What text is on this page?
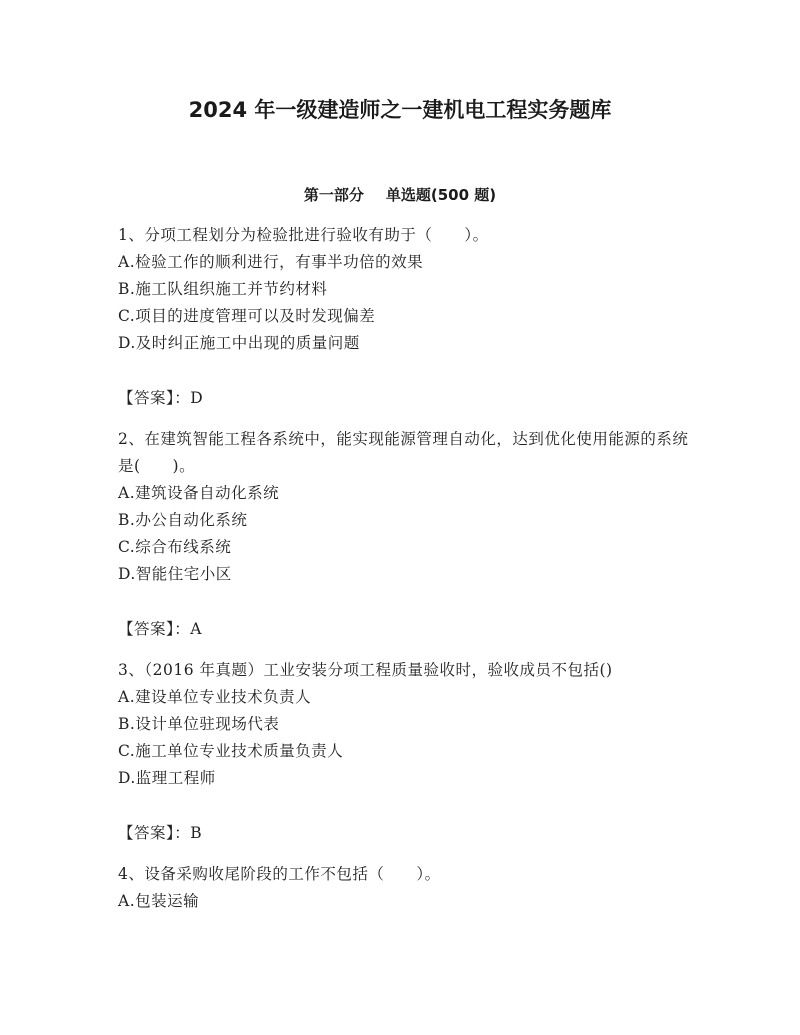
2024 年一级建造师之一建机电工程实务题库
第一部分 单选题(500 题)

1、分项工程划分为检验批进行验收有助于（　　）。

A.检验工作的顺利进行，有事半功倍的效果

B.施工队组织施工并节约材料

C.项目的进度管理可以及时发现偏差

D.及时纠正施工中出现的质量问题

【答案】：D

2、在建筑智能工程各系统中，能实现能源管理自动化，达到优化使用能源的系统是(　　)。

A.建筑设备自动化系统

B.办公自动化系统

C.综合布线系统

D.智能住宅小区

【答案】：A

3、（2016 年真题）工业安装分项工程质量验收时，验收成员不包括()

A.建设单位专业技术负责人

B.设计单位驻现场代表

C.施工单位专业技术质量负责人

D.监理工程师

【答案】：B

4、设备采购收尾阶段的工作不包括（　　）。

A.包装运输
